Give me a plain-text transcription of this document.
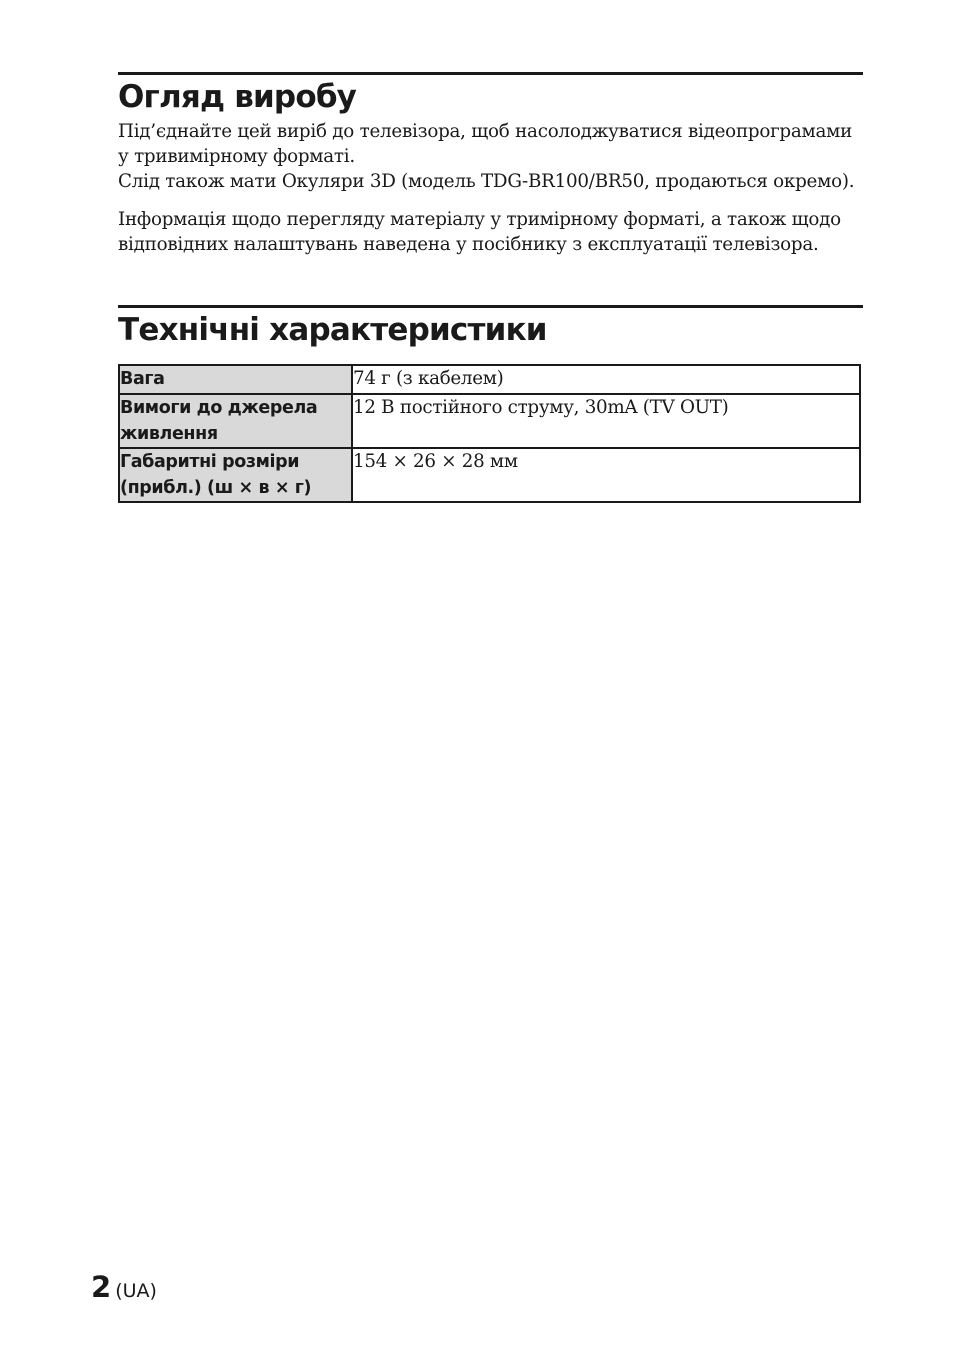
Огляд виробу
Під’єднайте цей виріб до телевізора, щоб насолоджуватися відеопрограмами
у тривимірному форматі.
Слід також мати Окуляри 3D (модель TDG-BR100/BR50, продаються окремо).
Інформація щодо перегляду матеріалу у тримірному форматі, а також щодо
відповідних налаштувань наведена у посібнику з експлуатації телевізора.
Технічні характеристики
Вага	74 г (з кабелем)

Вимоги до джерела
живлення	12 В постійного струму, 30mA (TV OUT)

Габаритні розміри
(прибл.) (ш × в × г)	154 × 26 × 28 мм
2 (UA)
